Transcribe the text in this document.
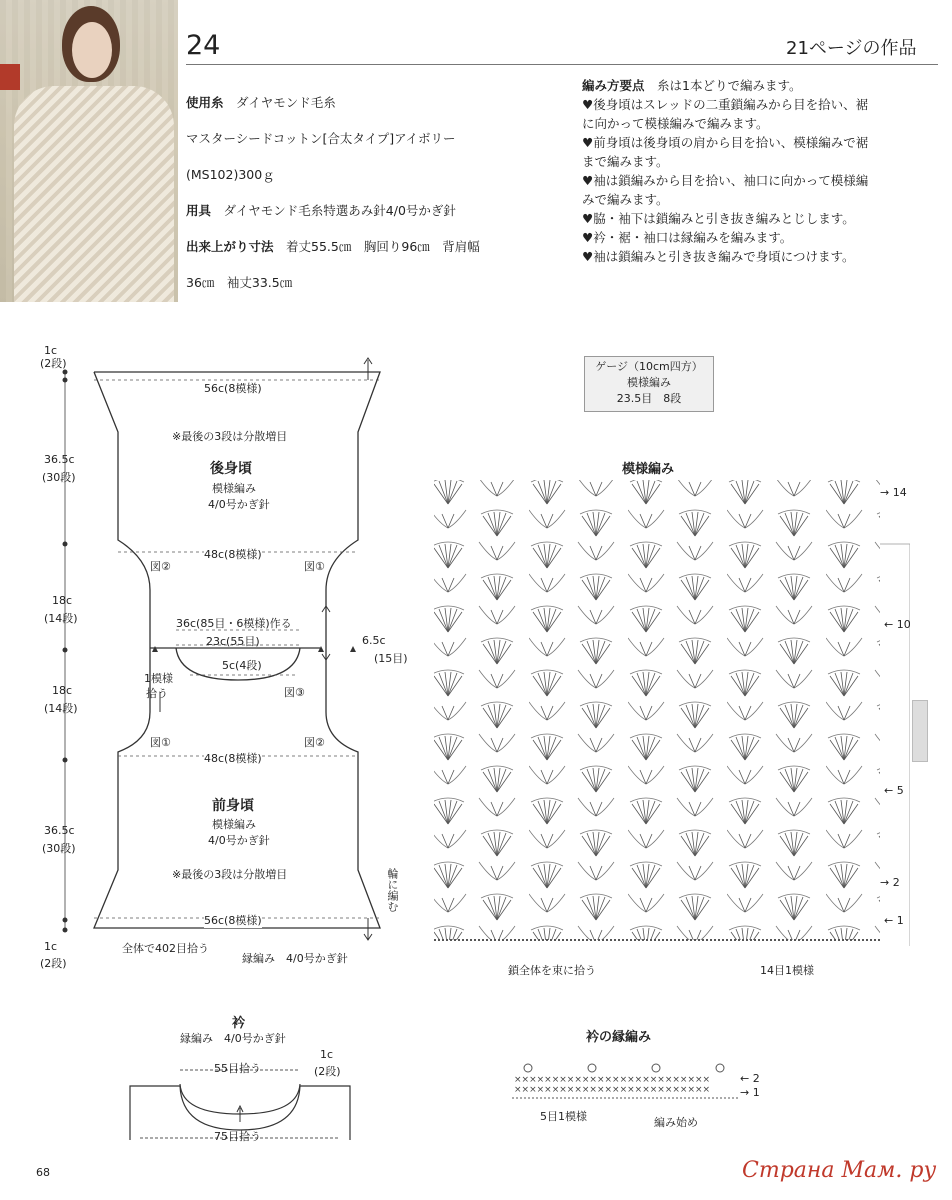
24	21ページの作品

使用糸　 ダイヤモンド毛糸

マスターシードコットン[合太タイプ]アイボリー

(MS102)300ｇ

用具　 ダイヤモンド毛糸特選あみ針4/0号かぎ針

出来上がり寸法　 着丈55.5㎝　胸回り96㎝　背肩幅

36㎝　袖丈33.5㎝

編み方要点　 糸は1本どりで編みます。
♥後身頃はスレッドの二重鎖編みから目を拾い、裾
に向かって模様編みで編みます。
♥前身頃は後身頃の肩から目を拾い、模様編みで裾
まで編みます。
♥袖は鎖編みから目を拾い、袖口に向かって模様編
みで編みます。
♥脇・袖下は鎖編みと引き抜き編みとじします。
♥衿・裾・袖口は縁編みを編みます。
♥袖は鎖編みと引き抜き編みで身頃につけます。
ゲージ（10cm四方）
模様編み
23.5目　8段
1c
(2段)
36.5c
(30段)
18c
(14段)
18c
(14段)
36.5c
(30段)
1c
(2段)
56c(8模様)
※最後の3段は分散増目
後身頃
模様編み
4/0号かぎ針
48c(8模様)
図②	図①
36c(85目・6模様)作る
23c(55目)
5c(4段)
6.5c
(15目)
図③
1模様
拾う
図①	図②
48c(8模様)
前身頃
模様編み
4/0号かぎ針
※最後の3段は分散増目
56c(8模様)
輪に編む
全体で402目拾う
縁編み　4/0号かぎ針
模様編み
→ 14
← 10
← 5
→ 2
← 1
鎖全体を束に拾う	14目1模様
衿
縁編み　4/0号かぎ針
55目拾う
1c
(2段)
75目拾う
衿の縁編み
××××××××××××××××××××××××××
××××××××××××××××××××××××××
← 2
→ 1
5目1模様	編み始め
68	Страна Мам. ру
